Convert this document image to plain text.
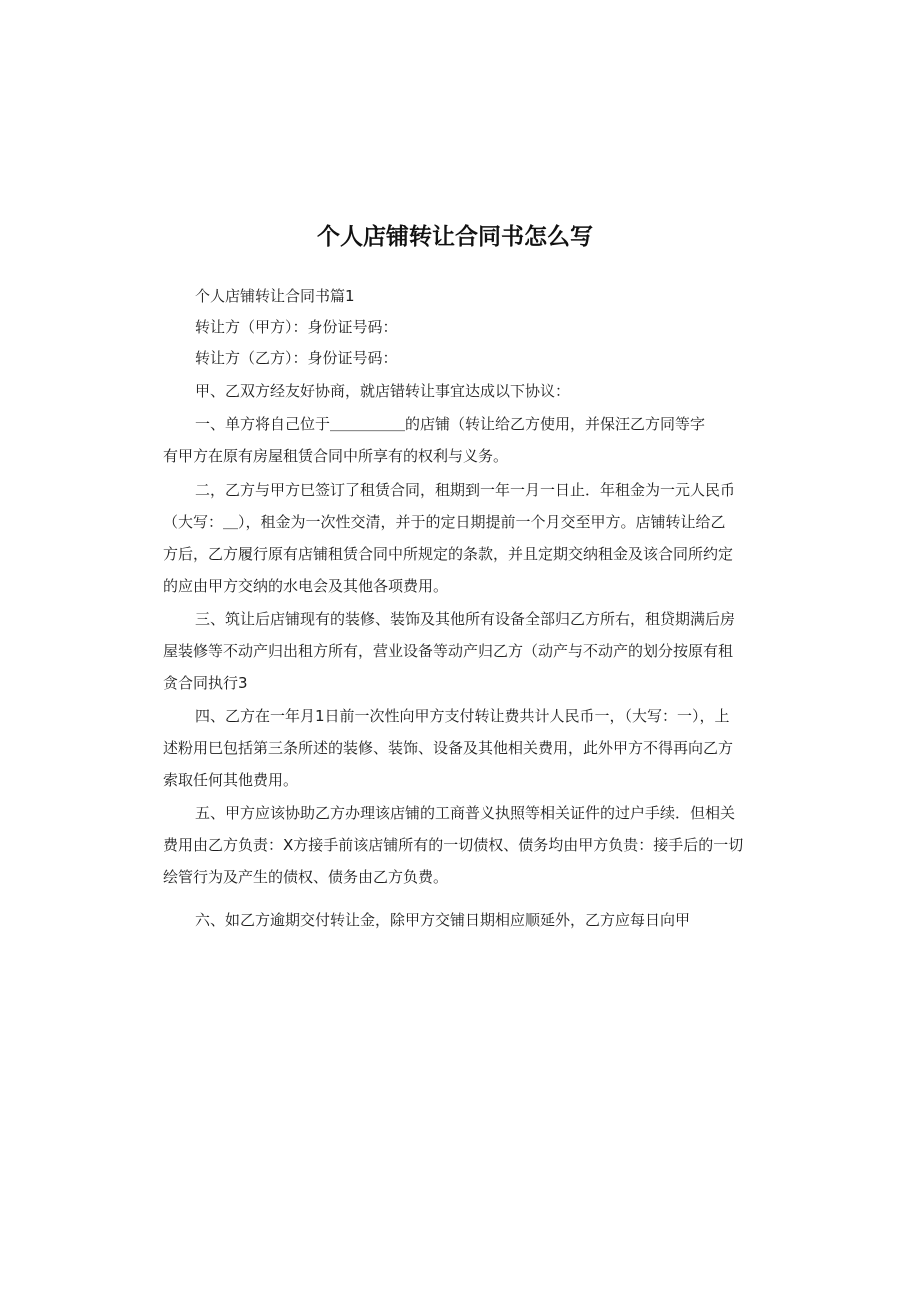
个人店铺转让合同书怎么写
个人店铺转让合同书篇1
转让方（甲方）：身份证号码：
转让方（乙方）：身份证号码：
甲、乙双方经友好协商，就店错转让事宜达成以下协议：
一、单方将自己位于＿＿＿＿＿的店铺（转让给乙方使用，并保汪乙方同等字
有甲方在原有房屋租赁合同中所享有的权利与义务。
二，乙方与甲方巳签订了租赁合同，租期到一年一月一日止．年租金为一元人民币
（大写：＿），租金为一次性交清，并于的定日期提前一个月交至甲方。店铺转让给乙
方后，乙方履行原有店铺租赁合同中所规定的条款，并且定期交纳租金及该合同所约定
的应由甲方交纳的水电会及其他各项费用。
三、筑让后店铺现有的装修、装饰及其他所有设备全部归乙方所右，租贷期满后房
屋装修等不动产归出租方所有，营业设备等动产归乙方（动产与不动产的划分按原有租
贪合同执行3
四、乙方在一年月1日前一次性向甲方支付转让费共计人民币一，（大写：一），上
述粉用巳包括第三条所述的装修、装饰、设备及其他相关费用，此外甲方不得再向乙方
索取任何其他费用。
五、甲方应该协助乙方办理该店铺的工商普义执照等相关证件的过户手续．但相关
费用由乙方负责：X方接手前该店铺所有的一切债权、债务均由甲方负贵：接手后的一切
绘管行为及产生的债权、债务由乙方负费。
六、如乙方逾期交付转让金，除甲方交铺日期相应顺延外，乙方应每日向甲
